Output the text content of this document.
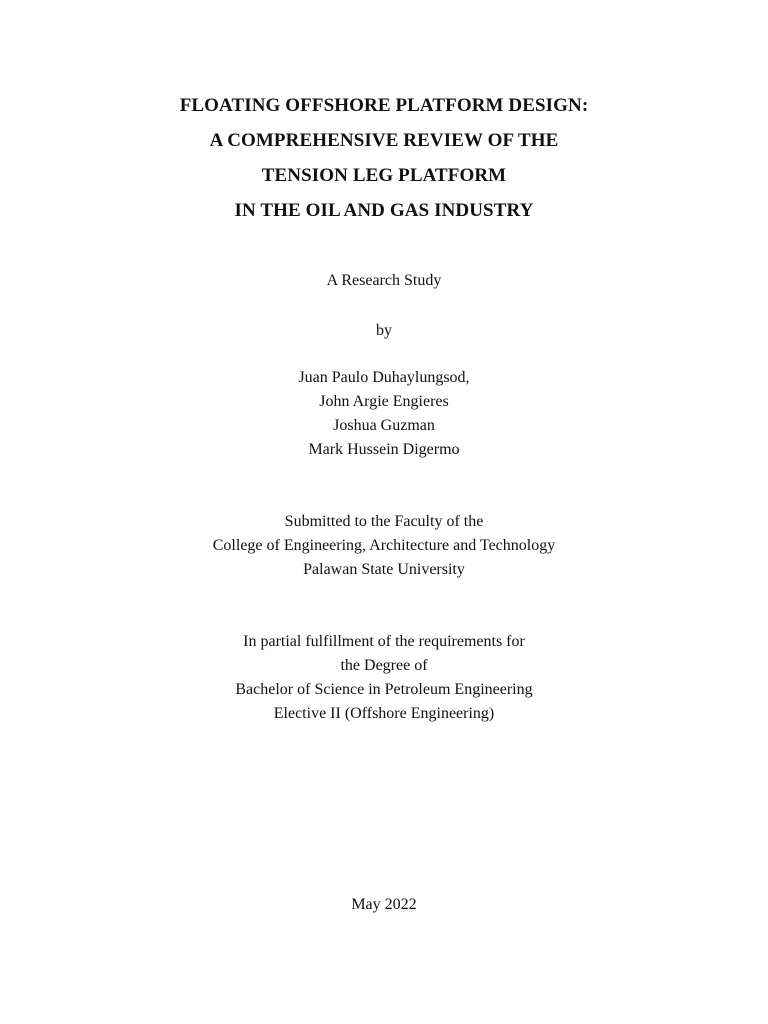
FLOATING OFFSHORE PLATFORM DESIGN:
A COMPREHENSIVE REVIEW OF THE
TENSION LEG PLATFORM
IN THE OIL AND GAS INDUSTRY
A Research Study
by
Juan Paulo Duhaylungsod,
John Argie Engieres
Joshua Guzman
Mark Hussein Digermo
Submitted to the Faculty of the
College of Engineering, Architecture and Technology
Palawan State University
In partial fulfillment of the requirements for
the Degree of
Bachelor of Science in Petroleum Engineering
Elective II (Offshore Engineering)
May 2022
